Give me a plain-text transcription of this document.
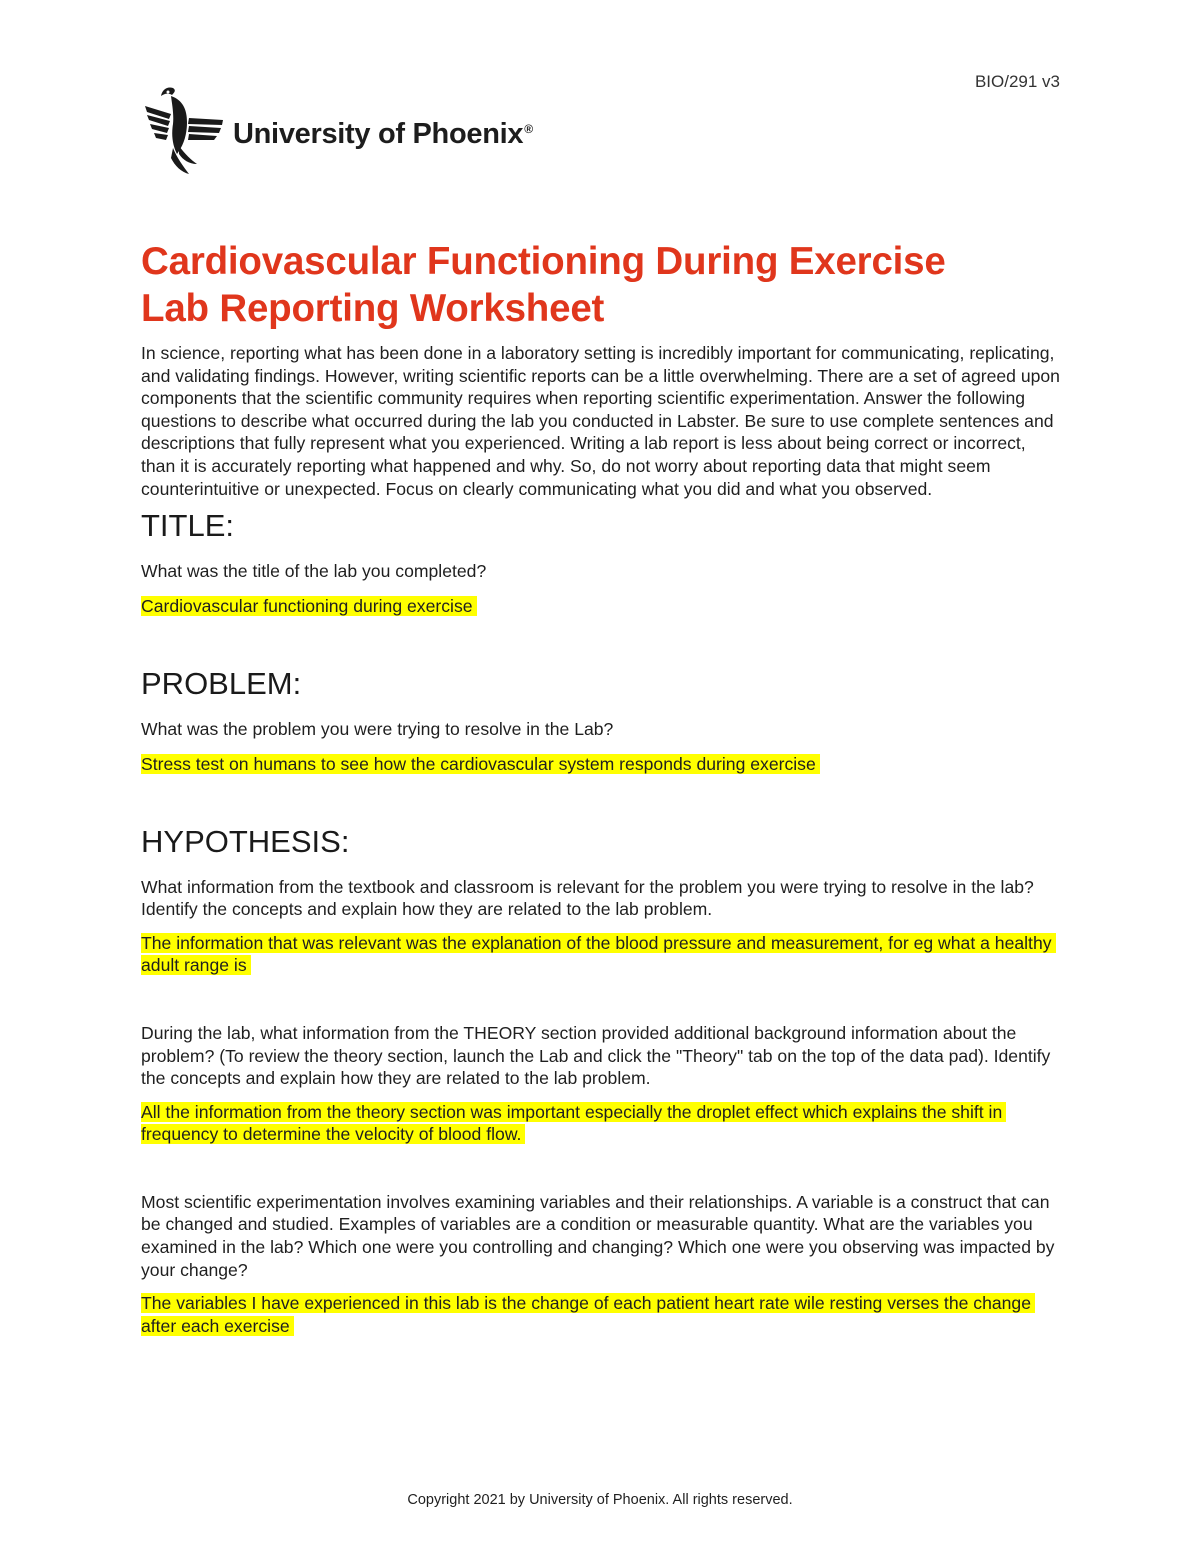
BIO/291 v3
University of Phoenix®
Cardiovascular Functioning During Exercise
Lab Reporting Worksheet

In science, reporting what has been done in a laboratory setting is incredibly important for communicating, replicating, and validating findings. However, writing scientific reports can be a little overwhelming. There are a set of agreed upon components that the scientific community requires when reporting scientific experimentation. Answer the following questions to describe what occurred during the lab you conducted in Labster. Be sure to use complete sentences and descriptions that fully represent what you experienced. Writing a lab report is less about being correct or incorrect, than it is accurately reporting what happened and why. So, do not worry about reporting data that might seem counterintuitive or unexpected. Focus on clearly communicating what you did and what you observed.

TITLE:

What was the title of the lab you completed?

Cardiovascular functioning during exercise

PROBLEM:

What was the problem you were trying to resolve in the Lab?

Stress test on humans to see how the cardiovascular system responds during exercise

HYPOTHESIS:

What information from the textbook and classroom is relevant for the problem you were trying to resolve in the lab? Identify the concepts and explain how they are related to the lab problem.

The information that was relevant was the explanation of the blood pressure and measurement, for eg what a healthy adult range is

During the lab, what information from the THEORY section provided additional background information about the problem? (To review the theory section, launch the Lab and click the "Theory" tab on the top of the data pad). Identify the concepts and explain how they are related to the lab problem.

All the information from the theory section was important especially the droplet effect which explains the shift in frequency to determine the velocity of blood flow.

Most scientific experimentation involves examining variables and their relationships. A variable is a construct that can be changed and studied. Examples of variables are a condition or measurable quantity. What are the variables you examined in the lab? Which one were you controlling and changing? Which one were you observing was impacted by your change?

The variables I have experienced in this lab is the change of each patient heart rate wile resting verses the change after each exercise

Copyright 2021 by University of Phoenix. All rights reserved.
